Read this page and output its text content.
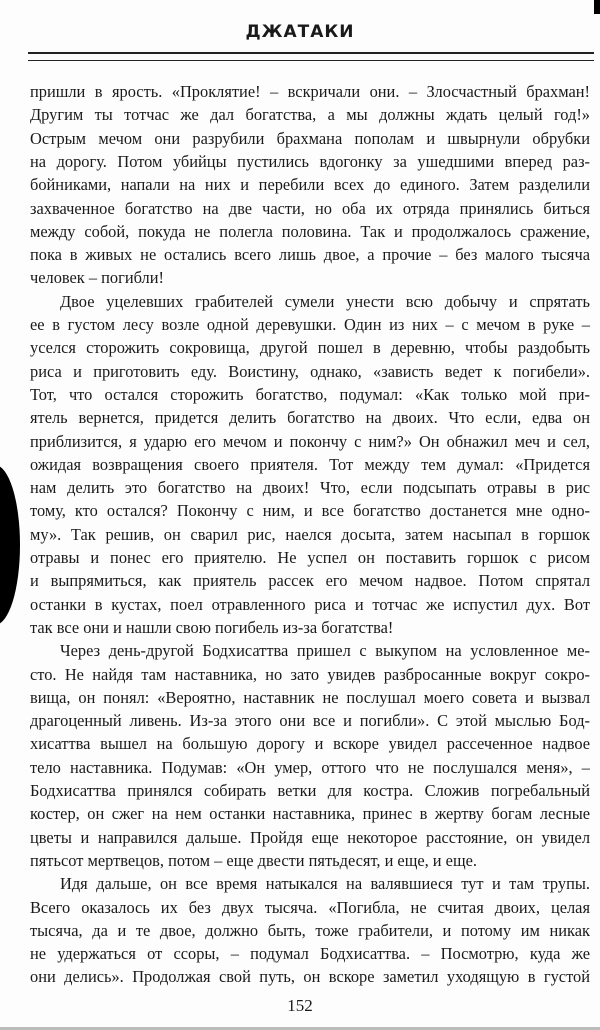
ДЖАТАКИ
пришли в ярость. «Проклятие! – вскричали они. – Злосчастный брахман!
Другим ты тотчас же дал богатства, а мы должны ждать целый год!»
Острым мечом они разрубили брахмана пополам и швырнули обрубки
на дорогу. Потом убийцы пустились вдогонку за ушедшими вперед раз-
бойниками, напали на них и перебили всех до единого. Затем разделили
захваченное богатство на две части, но оба их отряда принялись биться
между собой, покуда не полегла половина. Так и продолжалось сражение,
пока в живых не остались всего лишь двое, а прочие – без малого тысяча
человек – погибли!
Двое уцелевших грабителей сумели унести всю добычу и спрятать
ее в густом лесу возле одной деревушки. Один из них – с мечом в руке –
уселся сторожить сокровища, другой пошел в деревню, чтобы раздобыть
риса и приготовить еду. Воистину, однако, «зависть ведет к погибели».
Тот, что остался сторожить богатство, подумал: «Как только мой при-
ятель вернется, придется делить богатство на двоих. Что если, едва он
приблизится, я ударю его мечом и покончу с ним?» Он обнажил меч и сел,
ожидая возвращения своего приятеля. Тот между тем думал: «Придется
нам делить это богатство на двоих! Что, если подсыпать отравы в рис
тому, кто остался? Покончу с ним, и все богатство достанется мне одно-
му». Так решив, он сварил рис, наелся досыта, затем насыпал в горшок
отравы и понес его приятелю. Не успел он поставить горшок с рисом
и выпрямиться, как приятель рассек его мечом надвое. Потом спрятал
останки в кустах, поел отравленного риса и тотчас же испустил дух. Вот
так все они и нашли свою погибель из-за богатства!
Через день-другой Бодхисаттва пришел с выкупом на условленное ме-
сто. Не найдя там наставника, но зато увидев разбросанные вокруг сокро-
вища, он понял: «Вероятно, наставник не послушал моего совета и вызвал
драгоценный ливень. Из-за этого они все и погибли». С этой мыслью Бод-
хисаттва вышел на большую дорогу и вскоре увидел рассеченное надвое
тело наставника. Подумав: «Он умер, оттого что не послушался меня», –
Бодхисаттва принялся собирать ветки для костра. Сложив погребальный
костер, он сжег на нем останки наставника, принес в жертву богам лесные
цветы и направился дальше. Пройдя еще некоторое расстояние, он увидел
пятьсот мертвецов, потом – еще двести пятьдесят, и еще, и еще.
Идя дальше, он все время натыкался на валявшиеся тут и там трупы.
Всего оказалось их без двух тысяча. «Погибла, не считая двоих, целая
тысяча, да и те двое, должно быть, тоже грабители, и потому им никак
не удержаться от ссоры, – подумал Бодхисаттва. – Посмотрю, куда же
они делись». Продолжая свой путь, он вскоре заметил уходящую в густой
152
